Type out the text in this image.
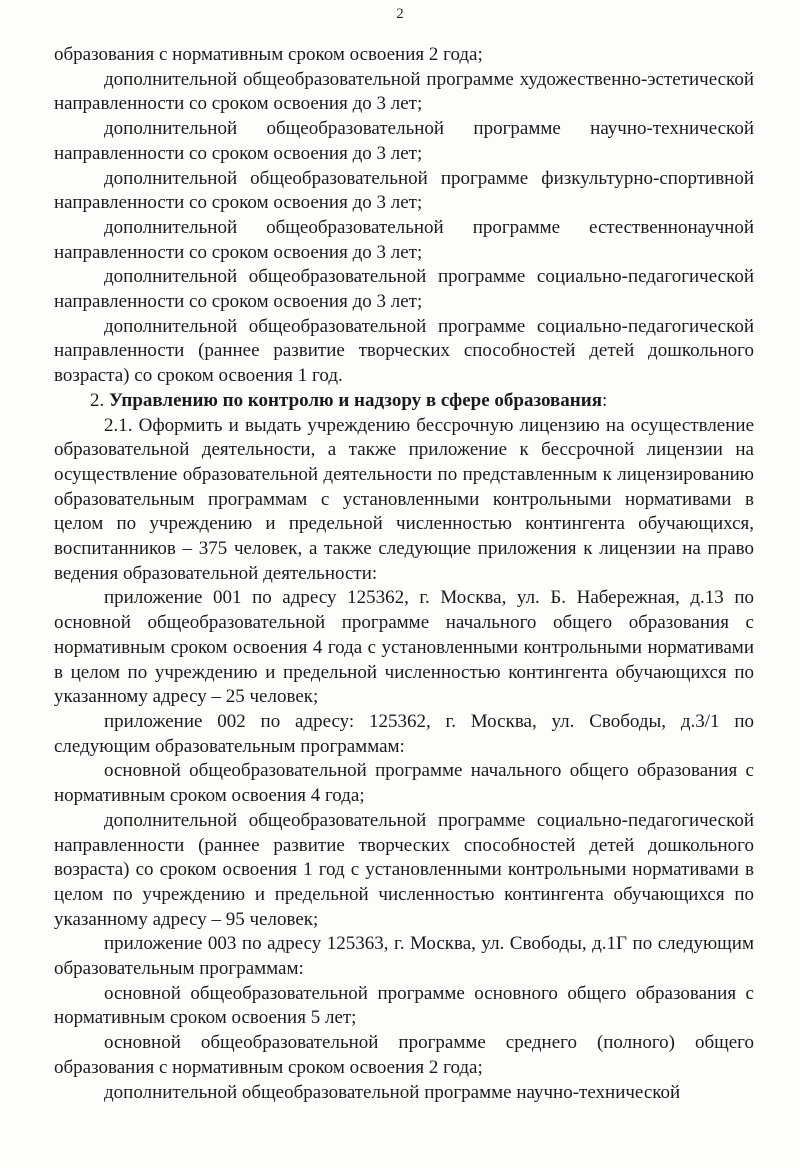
2

образования с нормативным сроком освоения 2 года;

дополнительной общеобразовательной программе художественно-эстетической направленности со сроком освоения до 3 лет;

дополнительной общеобразовательной программе научно-технической направленности со сроком освоения до 3 лет;

дополнительной общеобразовательной программе физкультурно-спортивной направленности со сроком освоения до 3 лет;

дополнительной общеобразовательной программе естественнонаучной направленности со сроком освоения до 3 лет;

дополнительной общеобразовательной программе социально-педагогической направленности со сроком освоения до 3 лет;

дополнительной общеобразовательной программе социально-педагогической направленности (раннее развитие творческих способностей детей дошкольного возраста) со сроком освоения 1 год.

2. Управлению по контролю и надзору в сфере образования:

2.1. Оформить и выдать учреждению бессрочную лицензию на осуществление образовательной деятельности, а также приложение к бессрочной лицензии на осуществление образовательной деятельности по представленным к лицензированию образовательным программам с установленными контрольными нормативами в целом по учреждению и предельной численностью контингента обучающихся, воспитанников – 375 человек, а также следующие приложения к лицензии на право ведения образовательной деятельности:

приложение 001 по адресу 125362, г. Москва, ул. Б. Набережная, д.13 по основной общеобразовательной программе начального общего образования с нормативным сроком освоения 4 года с установленными контрольными нормативами в целом по учреждению и предельной численностью контингента обучающихся по указанному адресу – 25 человек;

приложение 002 по адресу: 125362, г. Москва, ул. Свободы, д.3/1 по следующим образовательным программам:

основной общеобразовательной программе начального общего образования с нормативным сроком освоения 4 года;

дополнительной общеобразовательной программе социально-педагогической направленности (раннее развитие творческих способностей детей дошкольного возраста) со сроком освоения 1 год с установленными контрольными нормативами в целом по учреждению и предельной численностью контингента обучающихся по указанному адресу – 95 человек;

приложение 003 по адресу 125363, г. Москва, ул. Свободы, д.1Г по следующим образовательным программам:

основной общеобразовательной программе основного общего образования с нормативным сроком освоения 5 лет;

основной общеобразовательной программе среднего (полного) общего образования с нормативным сроком освоения 2 года;

дополнительной общеобразовательной программе научно-технической
